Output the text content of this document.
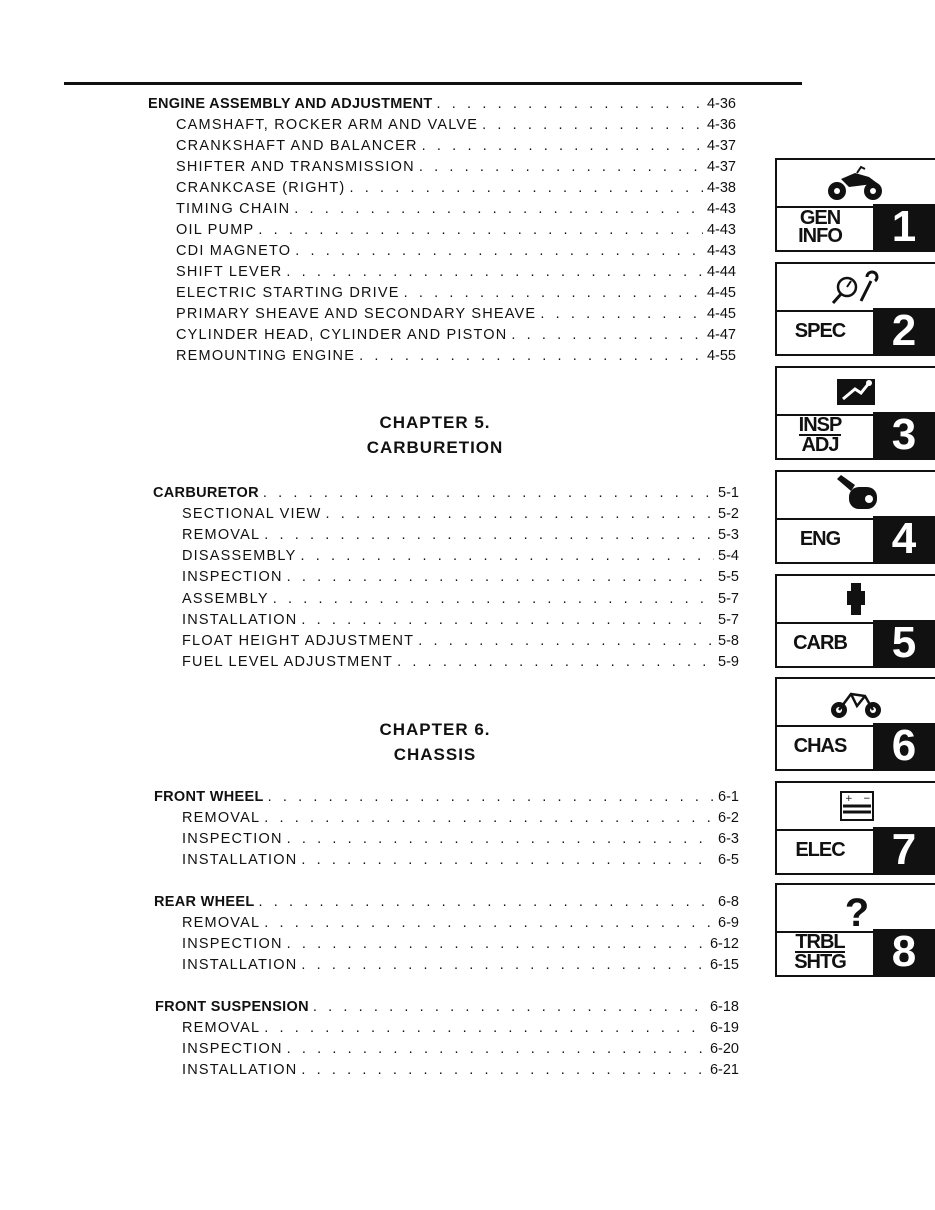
ENGINE ASSEMBLY AND ADJUSTMENT . . .	4-36
CAMSHAFT, ROCKER ARM AND VALVE . . .	4-36
CRANKSHAFT AND BALANCER . . .	4-37
SHIFTER AND TRANSMISSION . . .	4-37
CRANKCASE (RIGHT) . . .	4-38
TIMING CHAIN . . .	4-43
OIL PUMP . . .	4-43
CDI MAGNETO . . .	4-43
SHIFT LEVER . . .	4-44
ELECTRIC STARTING DRIVE . . .	4-45
PRIMARY SHEAVE AND SECONDARY SHEAVE . . .	4-45
CYLINDER HEAD, CYLINDER AND PISTON . . .	4-47
REMOUNTING ENGINE . . .	4-55
CHAPTER 5.
CARBURETION
CARBURETOR . . .	5-1
SECTIONAL VIEW . . .	5-2
REMOVAL . . .	5-3
DISASSEMBLY . . .	5-4
INSPECTION . . .	5-5
ASSEMBLY . . .	5-7
INSTALLATION . . .	5-7
FLOAT HEIGHT ADJUSTMENT . . .	5-8
FUEL LEVEL ADJUSTMENT . . .	5-9
CHAPTER 6.
CHASSIS
FRONT WHEEL . . .	6-1
REMOVAL . . .	6-2
INSPECTION . . .	6-3
INSTALLATION . . .	6-5
REAR WHEEL . . .	6-8
REMOVAL . . .	6-9
INSPECTION . . .	6-12
INSTALLATION . . .	6-15
FRONT SUSPENSION . . .	6-18
REMOVAL . . .	6-19
INSPECTION . . .	6-20
INSTALLATION . . .	6-21
GEN
INFO	1
SPEC	2
INSP
ADJ	3
ENG	4
CARB	5
CHAS	6
+ −
ELEC	7
?
TRBL
SHTG	8
